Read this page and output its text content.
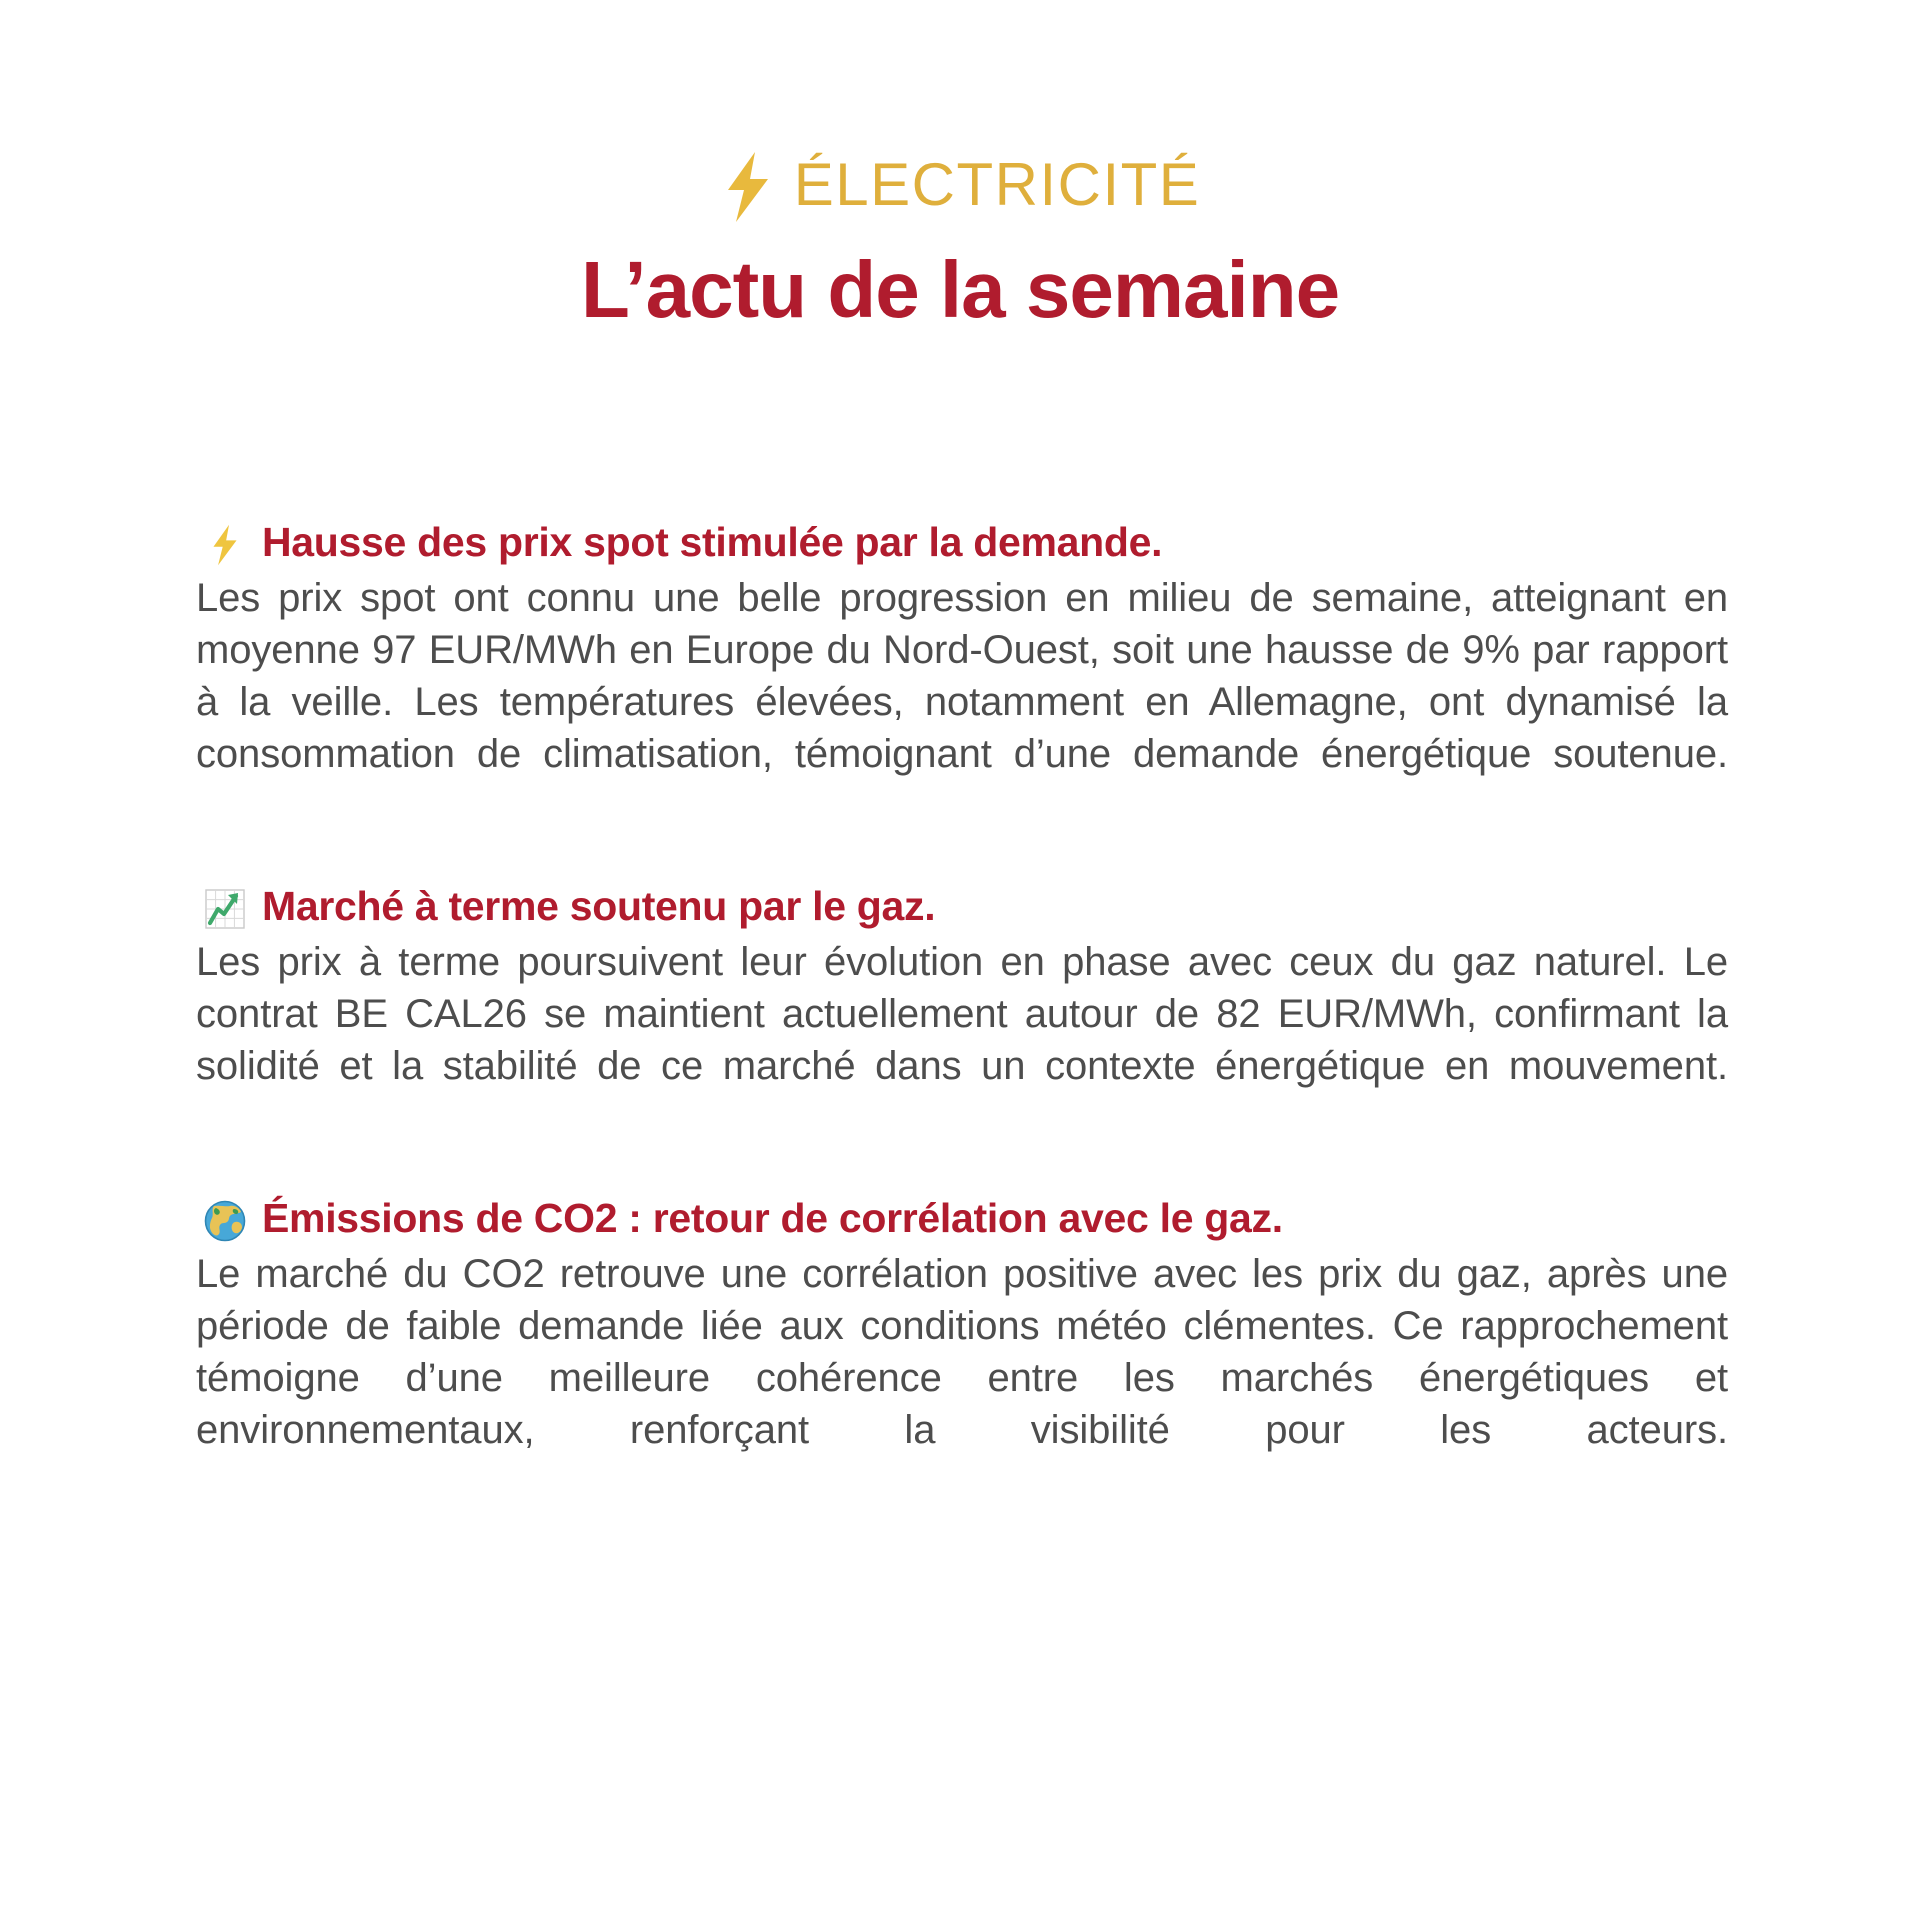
ÉLECTRICITÉ
L’actu de la semaine
Hausse des prix spot stimulée par la demande.
Les prix spot ont connu une belle progression en milieu de semaine, atteignant en moyenne 97 EUR/MWh en Europe du Nord-Ouest, soit une hausse de 9% par rapport à la veille. Les températures élevées, notamment en Allemagne, ont dynamisé la consommation de climatisation, témoignant d’une demande énergétique soutenue.
Marché à terme soutenu par le gaz.
Les prix à terme poursuivent leur évolution en phase avec ceux du gaz naturel. Le contrat BE CAL26 se maintient actuellement autour de 82 EUR/MWh, confirmant la solidité et la stabilité de ce marché dans un contexte énergétique en mouvement.
Émissions de CO2 : retour de corrélation avec le gaz.
Le marché du CO2 retrouve une corrélation positive avec les prix du gaz, après une période de faible demande liée aux conditions météo clémentes. Ce rapprochement témoigne d’une meilleure cohérence entre les marchés énergétiques et environnementaux, renforçant la visibilité pour les acteurs.
